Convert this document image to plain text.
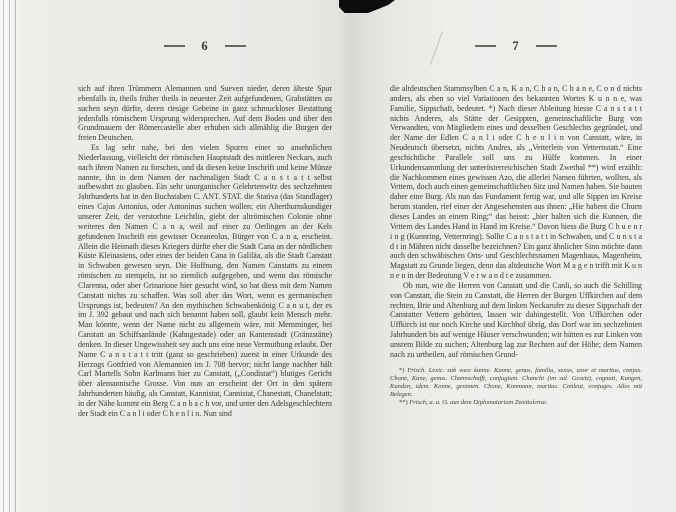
6

sich auf ihren Trümmern Alemannen und Sueven nieder, deren älteste Spur ebenfalls in, theils früher theils in neuester Zeit aufgefundenen, Grabstätten zu suchen seyn dürfte, deren riesige Gebeine in ganz schmuckloser Bestattung jedenfalls römischem Ursprung widersprechen. Auf dem Boden und über den Grundmauern der Römercastelle aber erhuben sich allmählig die Burgen der freien Deutschen.

Es lag sehr nahe, bei den vielen Spuren einer so ansehnlichen Niederlassung, vielleicht der römischen Hauptstadt des mittleren Neckars, auch nach ihrem Namen zu forschen, und da diesen keine Inschrift und keine Münze nannte, ihn in dem Namen der nachmaligen Stadt C a n s t a t t selbst aufbewahrt zu glauben. Ein sehr unorganischer Gelehrtenwitz des sechzehnten Jahrhunderts hat in den Buchstaben C. ANT. STAT. die Stativa (das Standlager) eines Cajus Antonius, oder Antoninus suchen wollen; ein Alterthumskundiger unserer Zeit, der verstorbne Leichtlin, giebt der altrömischen Colonie ohne weiteres den Namen C a n a, weil auf einer zu Oetlingen an der Kels gefundenen Inschrift ein gewisser Oceaneolus, Bürger von C a n a, erscheint. Allein die Heimath dieses Kriegers dürfte eher die Stadt Cana an der nördlichen Küste Kleinasiens, oder eines der beiden Cana in Galiläa, als die Stadt Canstatt in Schwaben gewesen seyn. Die Hoffnung, den Namen Canstatts zu einem römischen zu stempeln, ist so ziemlich aufgegeben, und wenn das römische Clarenna, oder aber Grinarione hier gesucht wird, so hat diess mit dem Namen Canstatt nichts zu schaffen. Was soll aber das Wort, wenn es germanischen Ursprungs ist, bedeuten? An den mythischen Schwabenkönig C a n u t, der es im J. 392 gebaut und nach sich benannt haben soll, glaubt kein Mensch mehr. Man könnte, wenn der Name nicht zu allgemein wäre, mit Memminger, bei Canstatt an Schiffsanlände (Kahngestade) oder an Kantenstadt (Gränzstätte) denken. In dieser Ungewissheit sey auch uns eine neue Vermuthung erlaubt. Der Name C a n s t a t t tritt (ganz so geschrieben) zuerst in einer Urkunde des Herzogs Gottfried von Alemannien im J. 708 hervor; nicht lange nachher hält Carl Martells Sohn Karlmann hier zu Canstatt, („Condistat“) blutiges Gericht über alemannische Grosse. Von nun an erscheint der Ort in den spätern Jahrhunderten häufig, als Canstatt, Kannistat, Cannistat, Chanestatt, Chanelstatt; in der Nähe kommt ein Berg C a n b a c h vor, und unter den Adelsgeschlechtern der Stadt ein C a n l i oder C h e n l i n. Nun sind

7

die altdeutschen Stammsylben C a n, K a n, C h a n, C h a n e, C o n d nichts anders, als eben so viel Variationen des bekannten Wortes K u n n e, was Familie, Sippschaft, bedeutet. *) Nach dieser Ableitung hiesse C a n s t a t t nichts Anderes, als Stätte der Gesippten, gemeinschaftliche Burg von Verwandten, von Mitgliedern eines und desselben Geschlechts gegründet, und der Name der Edlen C a n l i oder C h e n l i n von Canstatt, wäre, in Neudeutsch übersetzt, nichts Andres, als „Vetterlein von Vetternstatt.“ Eine geschichtliche Parallele soll uns zu Hülfe kommen. In einer Urkundensammlung der unterösterreichischen Stadt Zwethal **) wird erzählt: die Nachkommen eines gewissen Azo, die allerlei Namen führten, wollten, als Vettern, doch auch einen gemeinschaftlichen Sitz und Namen haben. Sie bauten daher eine Burg. Als nun das Fundament fertig war, und alle Sippen im Kreise herum standen, rief einer der Angesehensten aus ihnen: „Hie habent die Chuen dieses Landes an einem Ring;“ das heisst: „hier halten sich die Kunnen, die Vettern des Landes Hand in Hand im Kreise.“ Davon hiess die Burg C h u e n r i n g (Kunnring, Vetternring). Sollte C a n s t a t t in Schwaben, und C u n s t a d t in Mähren nicht dasselbe bezeichnen? Ein ganz ähnlicher Sinn möchte dann auch den schwäbischen Orts- und Geschlechtsnamen Magenhaus, Magenheim, Magstatt zu Grunde liegen, denn das altdeutsche Wort M a g e n trifft mit K u n n e n in der Bedeutung V e r w a n d t e zusammen.

Ob nun, wie die Herren von Canstatt und die Canli, so auch die Schilling von Canstatt, die Stein zu Canstatt, die Herren der Burgen Uffkirchen auf dem rechten, Brie und Altenburg auf dem linken Neckarufer zu dieser Sippschaft der Canstatter Vettern gehörten, lassen wir dahingestellt. Von Uffkirchen oder Uffkirch ist nur noch Kirche und Kirchhof übrig, das Dorf war im sechzehnten Jahrhundert bis auf wenige Häuser verschwunden; wir hätten es zur Linken von unsrem Bilde zu suchen; Altenburg lag zur Rechten auf der Höhe; dem Namen nach zu urtheilen, auf römischen Grund-

*) Frisch. Lexic. sub voce kunne. Kunne, genus, familia, sexus, uxor et maritus, conjux. Chone, Kane, genus. Channschafft, conjugium. Chanchi (im sal. Gesetz), cognati, Kungen, Kunden, idem. Konne, genimen. Chone, Konmann, maritus. Conleut, conjuges. Alles mit Belegen.

**) Frisch, a. a. O. aus dem Diplomatarium Zwettalense.
